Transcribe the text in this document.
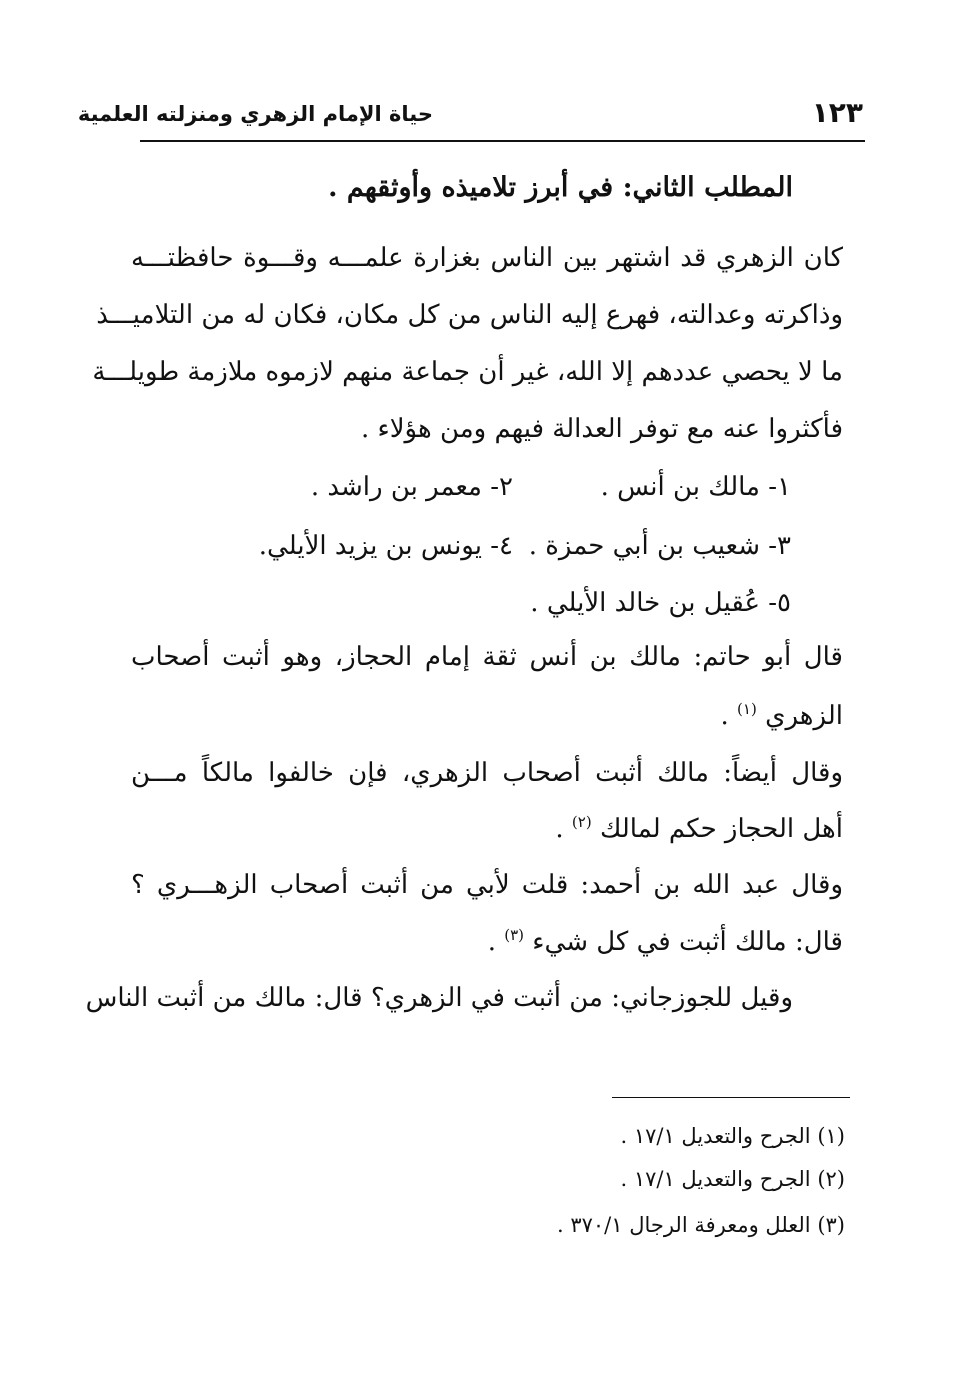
١٢٣
حياة الإمام الزهري ومنزلته العلمية
المطلب الثاني: في أبرز تلاميذه وأوثقهم .
كان الزهري قد اشتهر بين الناس بغزارة علمـــه وقـــوة حافظتـــه
وذاكرته وعدالته، فهرع إليه الناس من كل مكان، فكان له من التلاميـــذ
ما لا يحصي عددهم إلا الله، غير أن جماعة منهم لازموه ملازمة طويلـــة
فأكثروا عنه مع توفر العدالة فيهم ومن هؤلاء .
١- مالك بن أنس .
٢- معمر بن راشد .
٣- شعيب بن أبي حمزة .
٤- يونس بن يزيد الأيلي.
٥- عُقيل بن خالد الأيلي .
قال أبو حاتم: مالك بن أنس ثقة إمام الحجاز، وهو أثبت أصحاب
الزهري $^{(١)}$ .
وقال أيضاً: مالك أثبت أصحاب الزهري، فإن خالفوا مالكاً مـــن
أهل الحجاز حكم لمالك $^{(٢)}$ .
وقال عبد الله بن أحمد: قلت لأبي من أثبت أصحاب الزهـــري ؟
قال: مالك أثبت في كل شيء $^{(٣)}$ .
وقيل للجوزجاني: من أثبت في الزهري؟ قال: مالك من أثبت الناس
(١) الجرح والتعديل ١٧/١ .
(٢) الجرح والتعديل ١٧/١ .
(٣) العلل ومعرفة الرجال ٣٧٠/١ .
